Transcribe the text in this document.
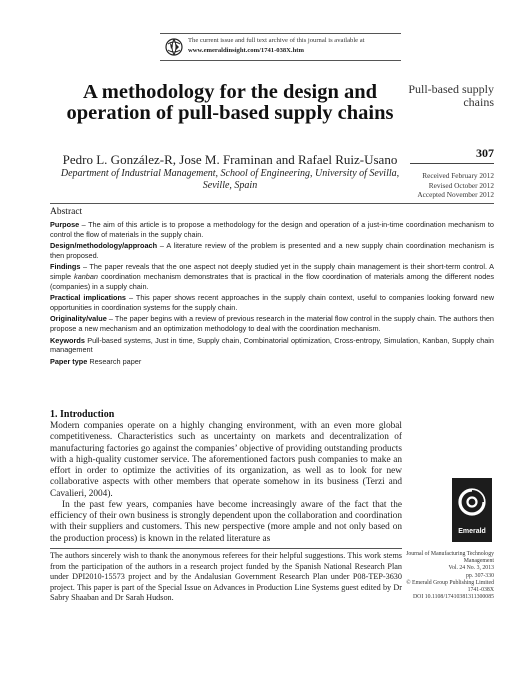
The current issue and full text archive of this journal is available at
www.emeraldinsight.com/1741-038X.htm
A methodology for the design and operation of pull-based supply chains
Pedro L. González-R, Jose M. Framinan and Rafael Ruiz-Usano
Department of Industrial Management, School of Engineering, University of Sevilla, Seville, Spain
Pull-based supply chains
307
Received February 2012
Revised October 2012
Accepted November 2012
Abstract

Purpose – The aim of this article is to propose a methodology for the design and operation of a just-in-time coordination mechanism to control the flow of materials in the supply chain.

Design/methodology/approach – A literature review of the problem is presented and a new supply chain coordination mechanism is then proposed.

Findings – The paper reveals that the one aspect not deeply studied yet in the supply chain management is their short-term control. A simple kanban coordination mechanism demonstrates that is practical in the flow coordination of materials among the different nodes (companies) in a supply chain.

Practical implications – This paper shows recent approaches in the supply chain context, useful to companies looking forward new opportunities in coordination systems for the supply chain.

Originality/value – The paper begins with a review of previous research in the material flow control in the supply chain. The authors then propose a new mechanism and an optimization methodology to deal with the coordination mechanism.

Keywords Pull-based systems, Just in time, Supply chain, Combinatorial optimization, Cross-entropy, Simulation, Kanban, Supply chain management

Paper type Research paper

1. Introduction

Modern companies operate on a highly changing environment, with an even more global competitiveness. Characteristics such as uncertainty on markets and decentralization of manufacturing factories go against the companies’ objective of providing outstanding products with a high-quality customer service. The aforementioned factors push companies to make an effort in order to optimize the activities of its organization, as well as to look for new collaborative aspects with other members that operate somehow in its business (Terzi and Cavalieri, 2004).

In the past few years, companies have become increasingly aware of the fact that the efficiency of their own business is strongly dependent upon the collaboration and coordination with their suppliers and customers. This new perspective (more ample and not only based on the production process) is known in the related literature as

Emerald
The authors sincerely wish to thank the anonymous referees for their helpful suggestions. This work stems from the participation of the authors in a research project funded by the Spanish National Research Plan under DPI2010-15573 project and by the Andalusian Government Research Plan under P08-TEP-3630 project. This paper is part of the Special Issue on Advances in Production Line Systems guest edited by Dr Sabry Shaaban and Dr Sarah Hudson.
Journal of Manufacturing Technology
Management
Vol. 24 No. 3, 2013
pp. 307-330
© Emerald Group Publishing Limited
1741-038X
DOI 10.1108/17410381311300085
